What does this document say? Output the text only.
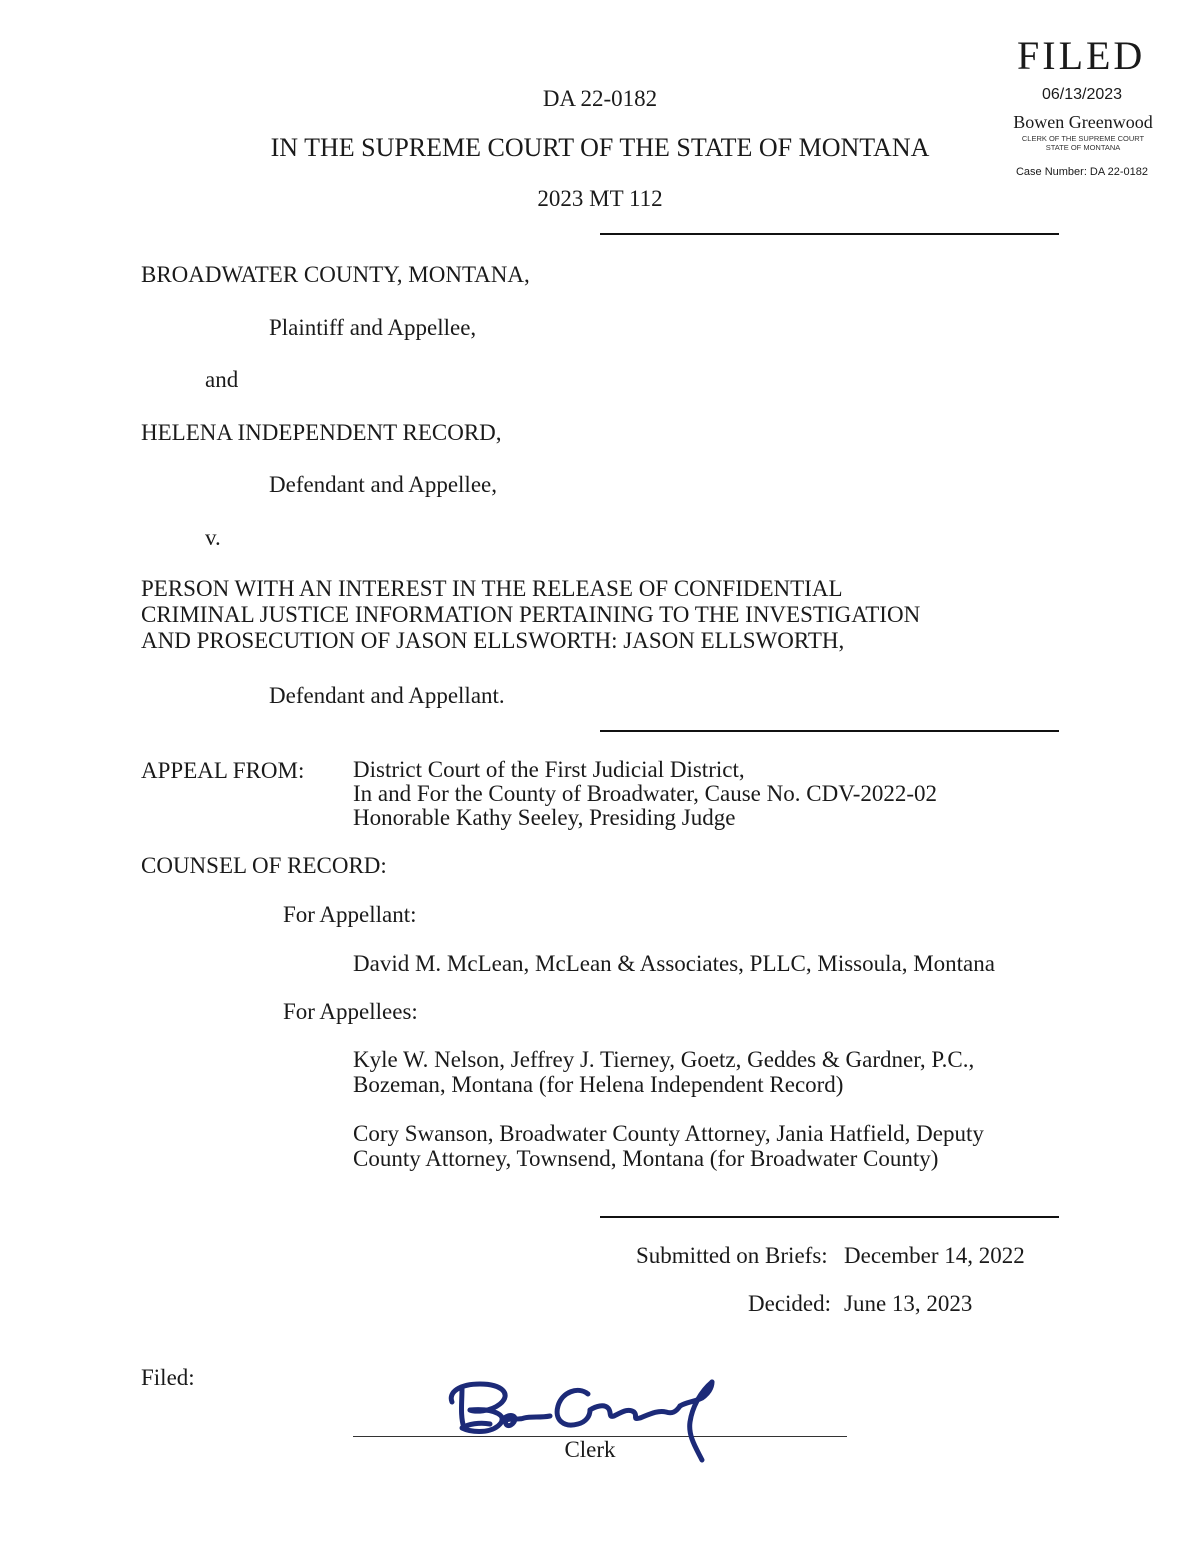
FILED
06/13/2023
Bowen Greenwood
CLERK OF THE SUPREME COURT
STATE OF MONTANA
Case Number: DA 22-0182
DA 22-0182
IN THE SUPREME COURT OF THE STATE OF MONTANA
2023 MT 112
BROADWATER COUNTY, MONTANA,
Plaintiff and Appellee,
and
HELENA INDEPENDENT RECORD,
Defendant and Appellee,
v.
PERSON WITH AN INTEREST IN THE RELEASE OF CONFIDENTIAL
CRIMINAL JUSTICE INFORMATION PERTAINING TO THE INVESTIGATION
AND PROSECUTION OF JASON ELLSWORTH: JASON ELLSWORTH,
Defendant and Appellant.
APPEAL FROM: District Court of the First Judicial District,
In and For the County of Broadwater, Cause No. CDV-2022-02
Honorable Kathy Seeley, Presiding Judge
COUNSEL OF RECORD:
For Appellant:
David M. McLean, McLean & Associates, PLLC, Missoula, Montana
For Appellees:
Kyle W. Nelson, Jeffrey J. Tierney, Goetz, Geddes & Gardner, P.C.,
Bozeman, Montana (for Helena Independent Record)
Cory Swanson, Broadwater County Attorney, Jania Hatfield, Deputy
County Attorney, Townsend, Montana (for Broadwater County)
Submitted on Briefs: December 14, 2022
Decided: June 13, 2023
Filed:
Clerk
